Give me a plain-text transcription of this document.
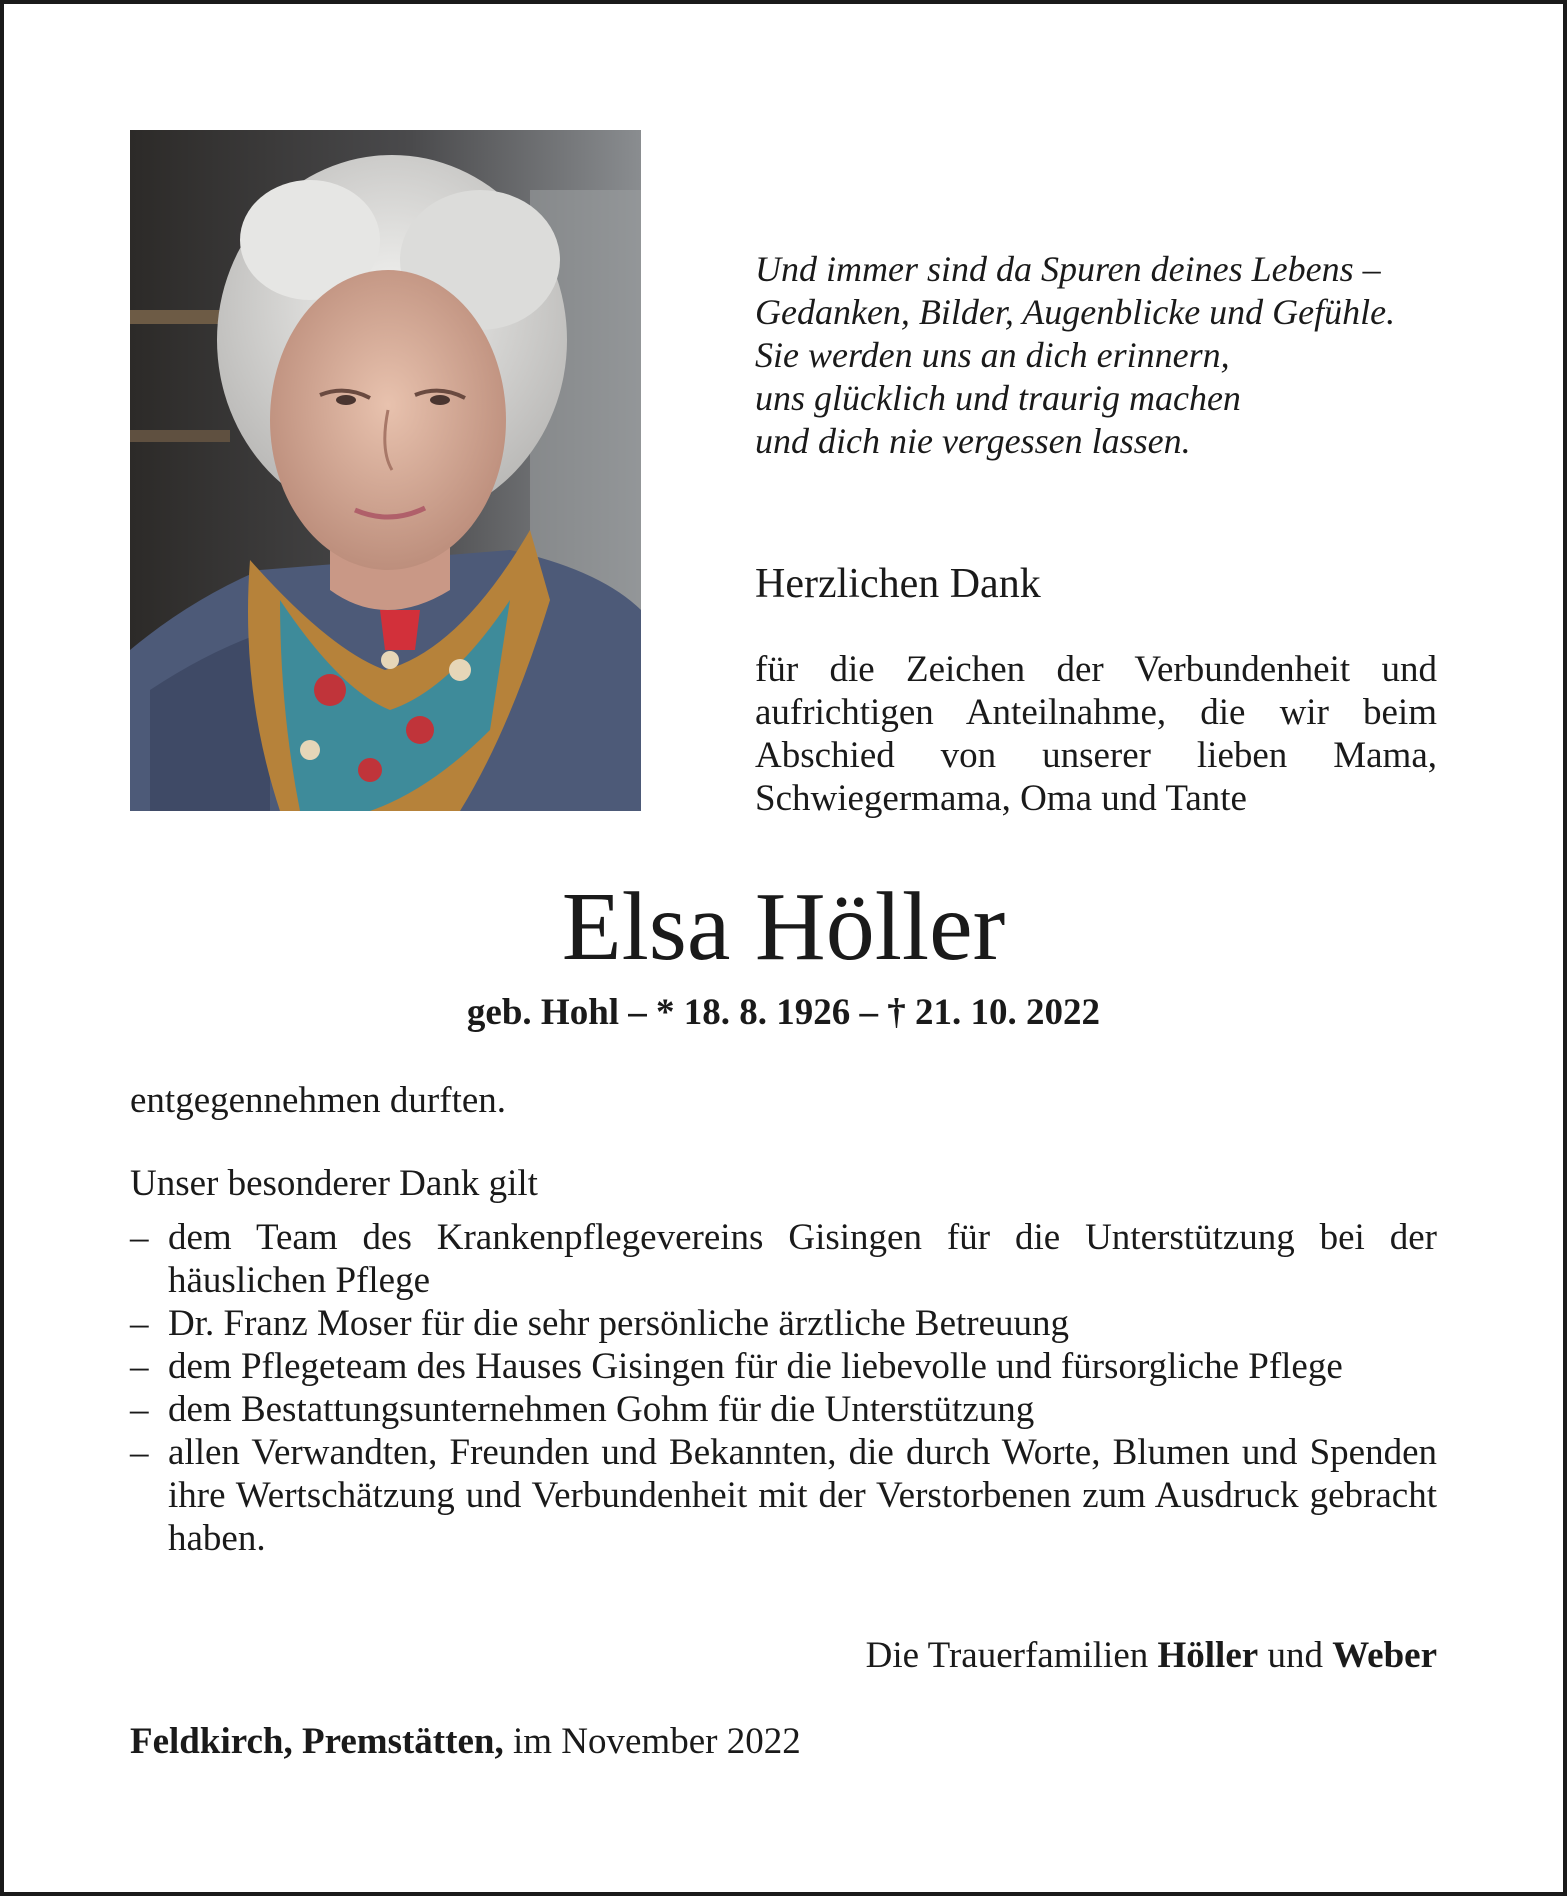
Und immer sind da Spuren deines Lebens –
Gedanken, Bilder, Augenblicke und Gefühle.
Sie werden uns an dich erinnern,
uns glücklich und traurig machen
und dich nie vergessen lassen.
Herzlichen Dank

für die Zeichen der Verbundenheit und aufrichtigen Anteilnahme, die wir beim Abschied von unserer lieben Mama, Schwiegermama, Oma und Tante

Elsa Höller

geb. Hohl – * 18. 8. 1926 – † 21. 10. 2022

entgegennehmen durften.

Unser besonderer Dank gilt

– dem Team des Krankenpflegevereins Gisingen für die Unterstützung bei der häuslichen Pflege
– Dr. Franz Moser für die sehr persönliche ärztliche Betreuung
– dem Pflegeteam des Hauses Gisingen für die liebevolle und fürsorgliche Pflege
– dem Bestattungsunternehmen Gohm für die Unterstützung
– allen Verwandten, Freunden und Bekannten, die durch Worte, Blumen und Spenden ihre Wertschätzung und Verbundenheit mit der Verstorbenen zum Ausdruck gebracht haben.

Die Trauerfamilien Höller und Weber

Feldkirch, Premstätten, im November 2022
